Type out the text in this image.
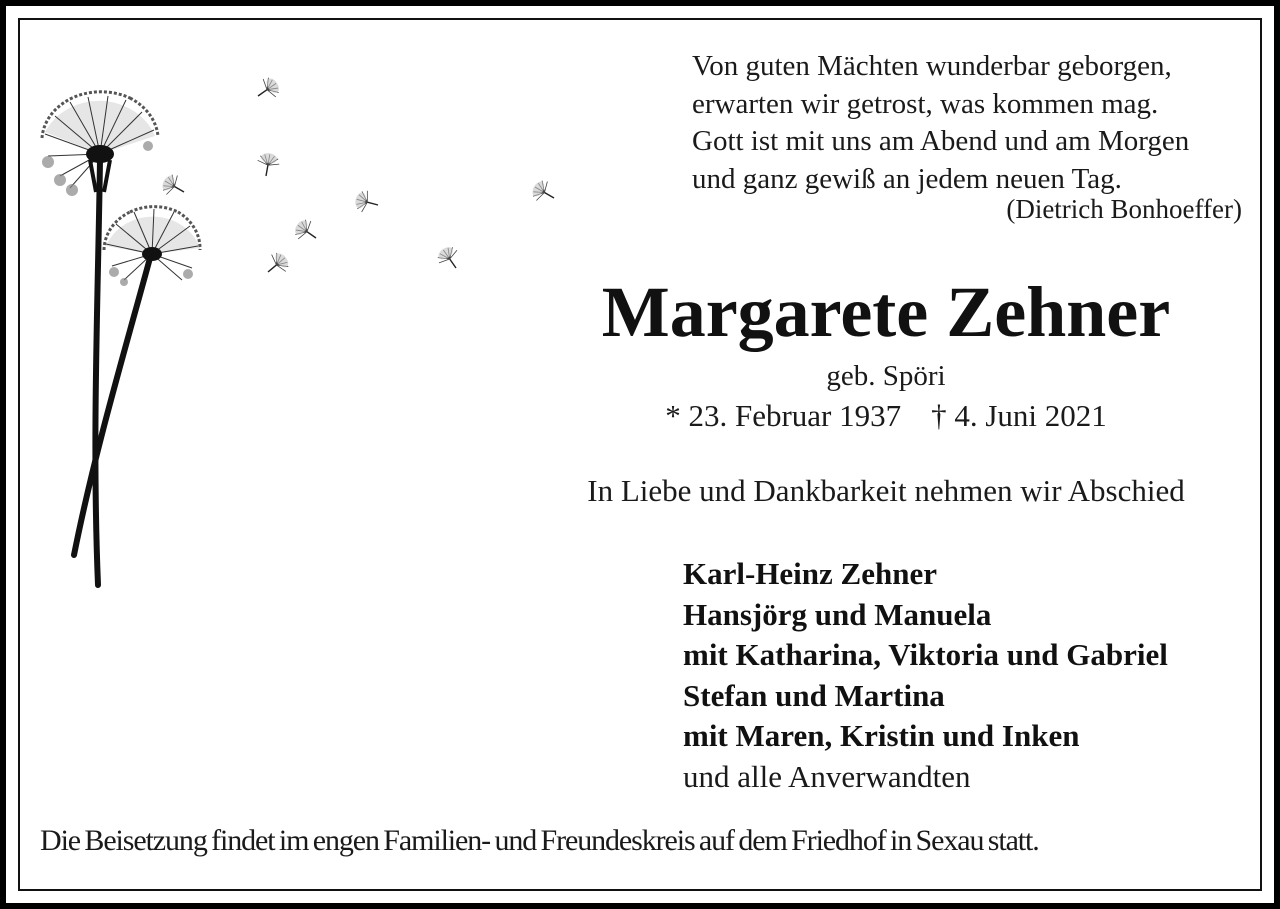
Von guten Mächten wunderbar geborgen,
erwarten wir getrost, was kommen mag.
Gott ist mit uns am Abend und am Morgen
und ganz gewiß an jedem neuen Tag.
(Dietrich Bonhoeffer)
Margarete Zehner
geb. Spöri
* 23. Februar 1937 † 4. Juni 2021
In Liebe und Dankbarkeit nehmen wir Abschied
Karl-Heinz Zehner
Hansjörg und Manuela
mit Katharina, Viktoria und Gabriel
Stefan und Martina
mit Maren, Kristin und Inken
und alle Anverwandten
Die Beisetzung findet im engen Familien- und Freundeskreis auf dem Friedhof in Sexau statt.
